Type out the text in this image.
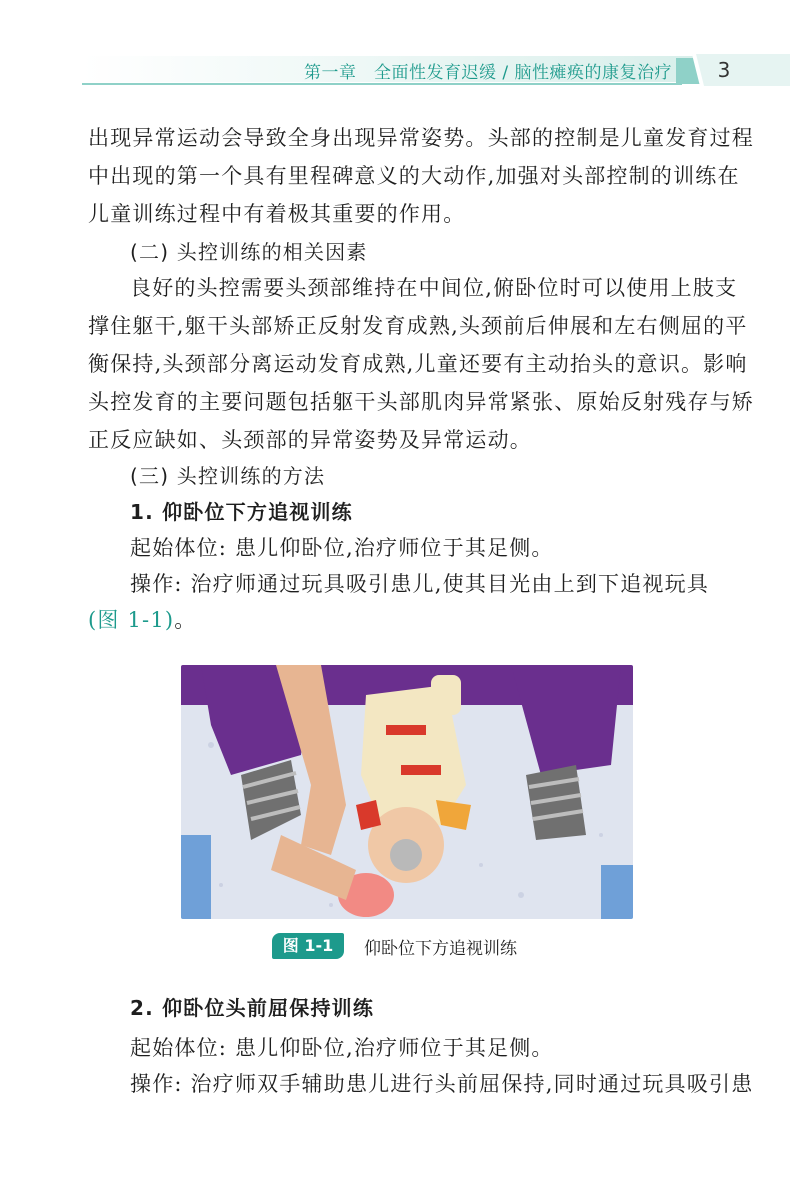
第一章　全面性发育迟缓 / 脑性瘫痪的康复治疗	3
出现异常运动会导致全身出现异常姿势。头部的控制是儿童发育过程
中出现的第一个具有里程碑意义的大动作,加强对头部控制的训练在
儿童训练过程中有着极其重要的作用。
(二) 头控训练的相关因素
良好的头控需要头颈部维持在中间位,俯卧位时可以使用上肢支
撑住躯干,躯干头部矫正反射发育成熟,头颈前后伸展和左右侧屈的平
衡保持,头颈部分离运动发育成熟,儿童还要有主动抬头的意识。影响
头控发育的主要问题包括躯干头部肌肉异常紧张、原始反射残存与矫
正反应缺如、头颈部的异常姿势及异常运动。
(三) 头控训练的方法
1. 仰卧位下方追视训练
起始体位: 患儿仰卧位,治疗师位于其足侧。
操作: 治疗师通过玩具吸引患儿,使其目光由上到下追视玩具
(图 1-1)。
图 1-1	仰卧位下方追视训练
2. 仰卧位头前屈保持训练
起始体位: 患儿仰卧位,治疗师位于其足侧。
操作: 治疗师双手辅助患儿进行头前屈保持,同时通过玩具吸引患
